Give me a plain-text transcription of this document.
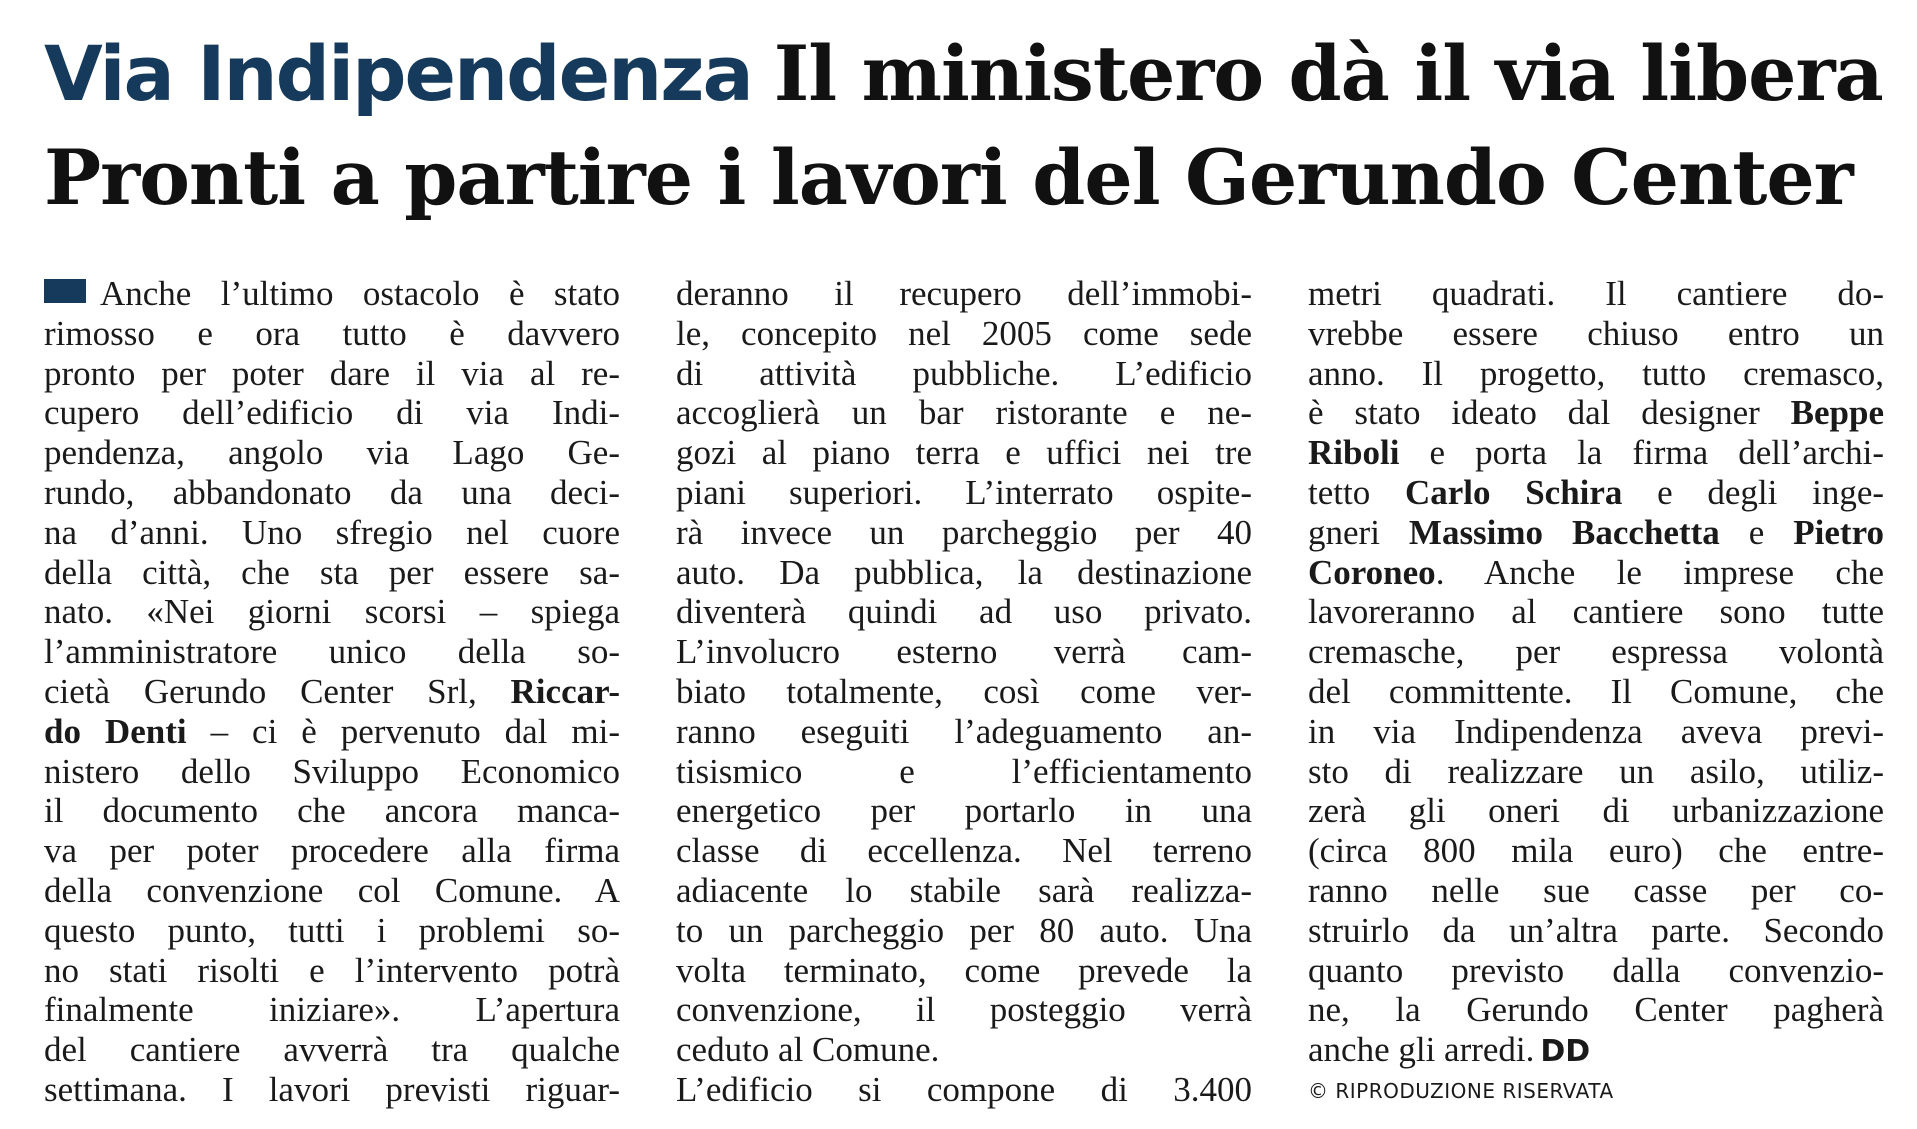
Via Indipendenza Il ministero dà il via libera
Pronti a partire i lavori del Gerundo Center
Anche l’ultimo ostacolo è stato
rimosso e ora tutto è davvero
pronto per poter dare il via al re-
cupero dell’edificio di via Indi-
pendenza, angolo via Lago Ge-
rundo, abbandonato da una deci-
na d’anni. Uno sfregio nel cuore
della città, che sta per essere sa-
nato. «Nei giorni scorsi – spiega
l’amministratore unico della so-
cietà Gerundo Center Srl, Riccar-
do Denti – ci è pervenuto dal mi-
nistero dello Sviluppo Economico
il documento che ancora manca-
va per poter procedere alla firma
della convenzione col Comune. A
questo punto, tutti i problemi so-
no stati risolti e l’intervento potrà
finalmente iniziare». L’apertura
del cantiere avverrà tra qualche
settimana. I lavori previsti riguar-
deranno il recupero dell’immobi-
le, concepito nel 2005 come sede
di attività pubbliche. L’edificio
accoglierà un bar ristorante e ne-
gozi al piano terra e uffici nei tre
piani superiori. L’interrato ospite-
rà invece un parcheggio per 40
auto. Da pubblica, la destinazione
diventerà quindi ad uso privato.
L’involucro esterno verrà cam-
biato totalmente, così come ver-
ranno eseguiti l’adeguamento an-
tisismico e l’efficientamento
energetico per portarlo in una
classe di eccellenza. Nel terreno
adiacente lo stabile sarà realizza-
to un parcheggio per 80 auto. Una
volta terminato, come prevede la
convenzione, il posteggio verrà
ceduto al Comune.
L’edificio si compone di 3.400
metri quadrati. Il cantiere do-
vrebbe essere chiuso entro un
anno. Il progetto, tutto cremasco,
è stato ideato dal designer Beppe
Riboli e porta la firma dell’archi-
tetto Carlo Schira e degli inge-
gneri Massimo Bacchetta e Pietro
Coroneo. Anche le imprese che
lavoreranno al cantiere sono tutte
cremasche, per espressa volontà
del committente. Il Comune, che
in via Indipendenza aveva previ-
sto di realizzare un asilo, utiliz-
zerà gli oneri di urbanizzazione
(circa 800 mila euro) che entre-
ranno nelle sue casse per co-
struirlo da un’altra parte. Secondo
quanto previsto dalla convenzio-
ne, la Gerundo Center pagherà
anche gli arredi. DD
© RIPRODUZIONE RISERVATA
